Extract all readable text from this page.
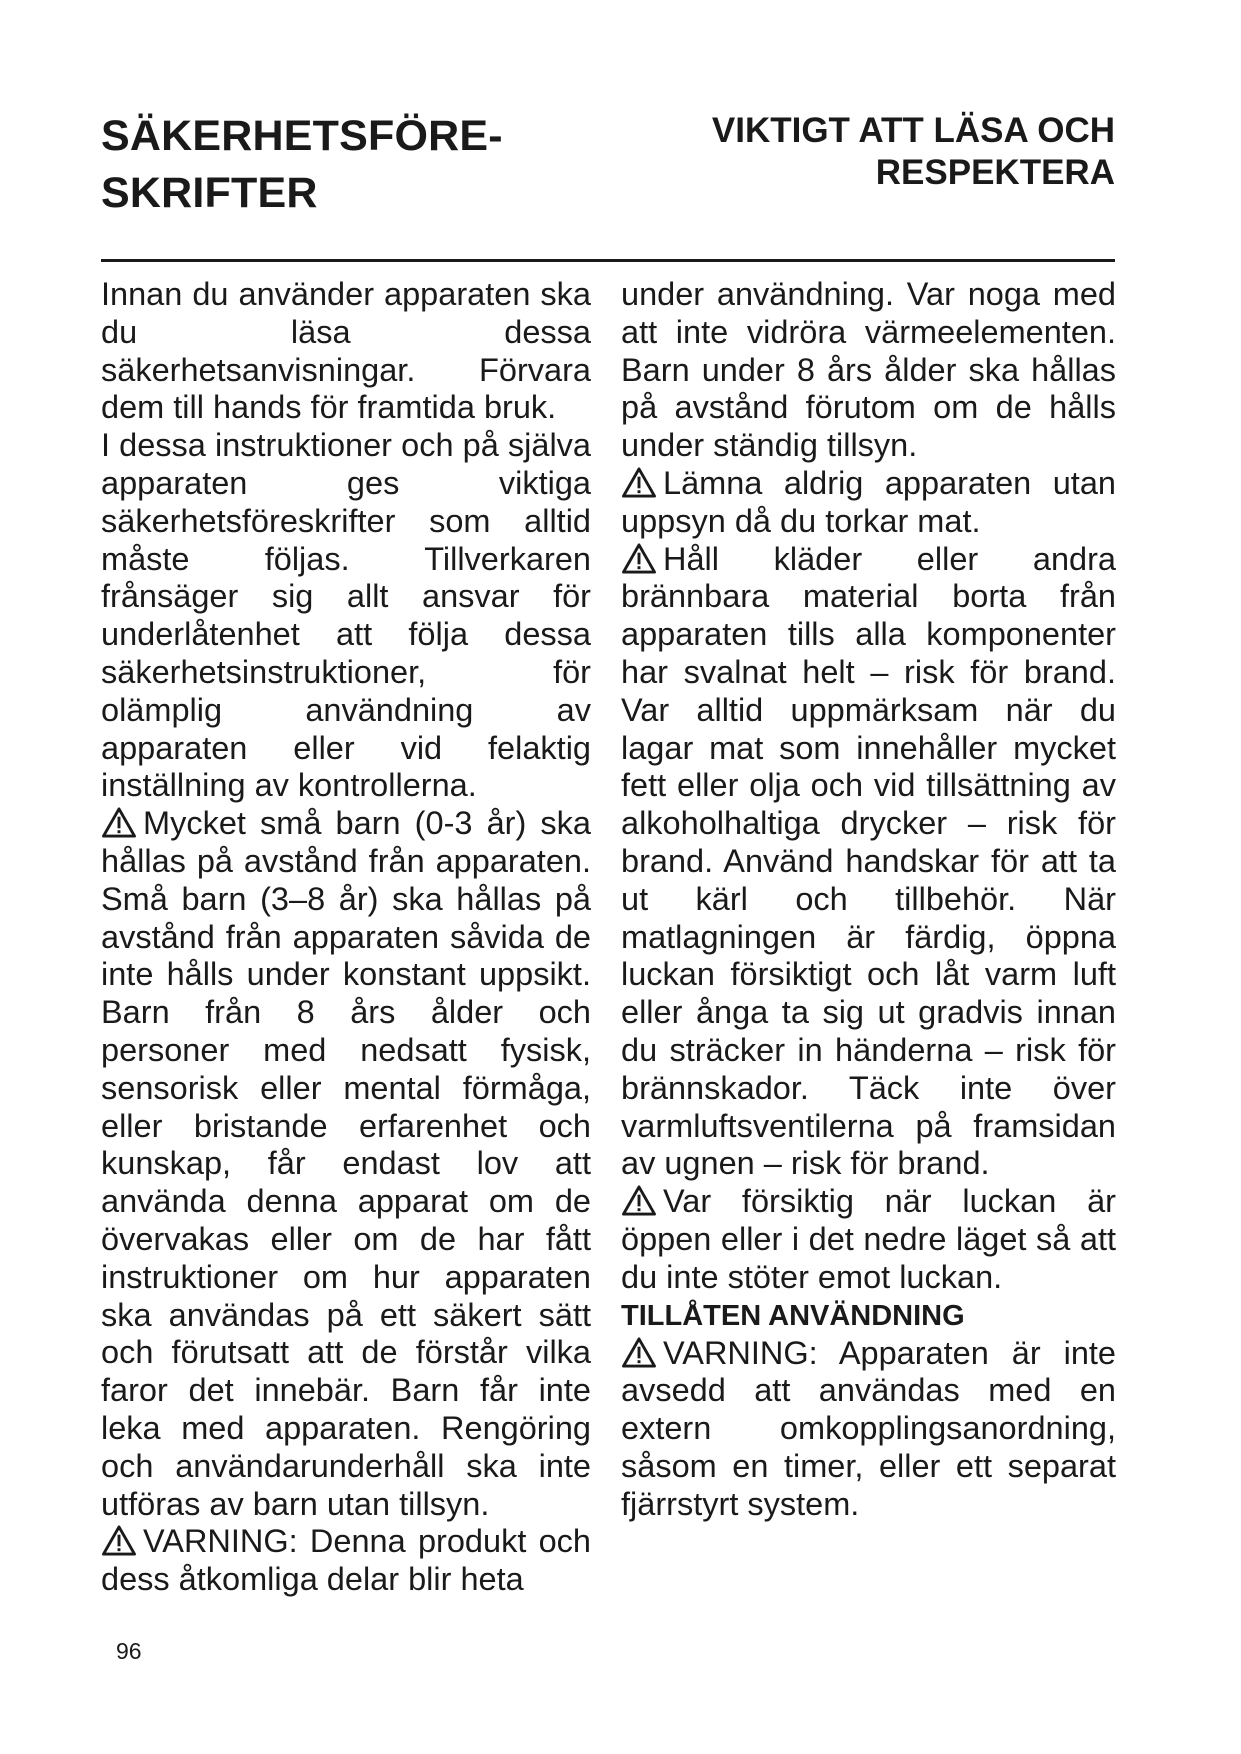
SÄKERHETSFÖRE-
SKRIFTER
VIKTIGT ATT LÄSA OCH
RESPEKTERA

Innan du använder apparaten ska du läsa dessa säkerhetsanvisningar. Förvara dem till hands för framtida bruk.

I dessa instruktioner och på själva apparaten ges viktiga säkerhetsföreskrifter som alltid måste följas. Tillverkaren frånsäger sig allt ansvar för underlåtenhet att följa dessa säkerhetsinstruktioner, för olämplig användning av apparaten eller vid felaktig inställning av kontrollerna.

Mycket små barn (0-3 år) ska hållas på avstånd från apparaten. Små barn (3–8 år) ska hållas på avstånd från apparaten såvida de inte hålls under konstant uppsikt. Barn från 8 års ålder och personer med nedsatt fysisk, sensorisk eller mental förmåga, eller bristande erfarenhet och kunskap, får endast lov att använda denna apparat om de övervakas eller om de har fått instruktioner om hur apparaten ska användas på ett säkert sätt och förutsatt att de förstår vilka faror det innebär. Barn får inte leka med apparaten. Rengöring och användarunderhåll ska inte utföras av barn utan tillsyn.

VARNING: Denna produkt och dess åtkomliga delar blir heta

under användning. Var noga med att inte vidröra värmeelementen. Barn under 8 års ålder ska hållas på avstånd förutom om de hålls under ständig tillsyn.

Lämna aldrig apparaten utan uppsyn då du torkar mat.

Håll kläder eller andra brännbara material borta från apparaten tills alla komponenter har svalnat helt – risk för brand. Var alltid uppmärksam när du lagar mat som innehåller mycket fett eller olja och vid tillsättning av alkoholhaltiga drycker – risk för brand. Använd handskar för att ta ut kärl och tillbehör. När matlagningen är färdig, öppna luckan försiktigt och låt varm luft eller ånga ta sig ut gradvis innan du sträcker in händerna – risk för brännskador. Täck inte över varmluftsventilerna på framsidan av ugnen – risk för brand.

Var försiktig när luckan är öppen eller i det nedre läget så att du inte stöter emot luckan.

TILLÅTEN ANVÄNDNING

VARNING: Apparaten är inte avsedd att användas med en extern omkopplingsanordning, såsom en timer, eller ett separat fjärrstyrt system.

96
